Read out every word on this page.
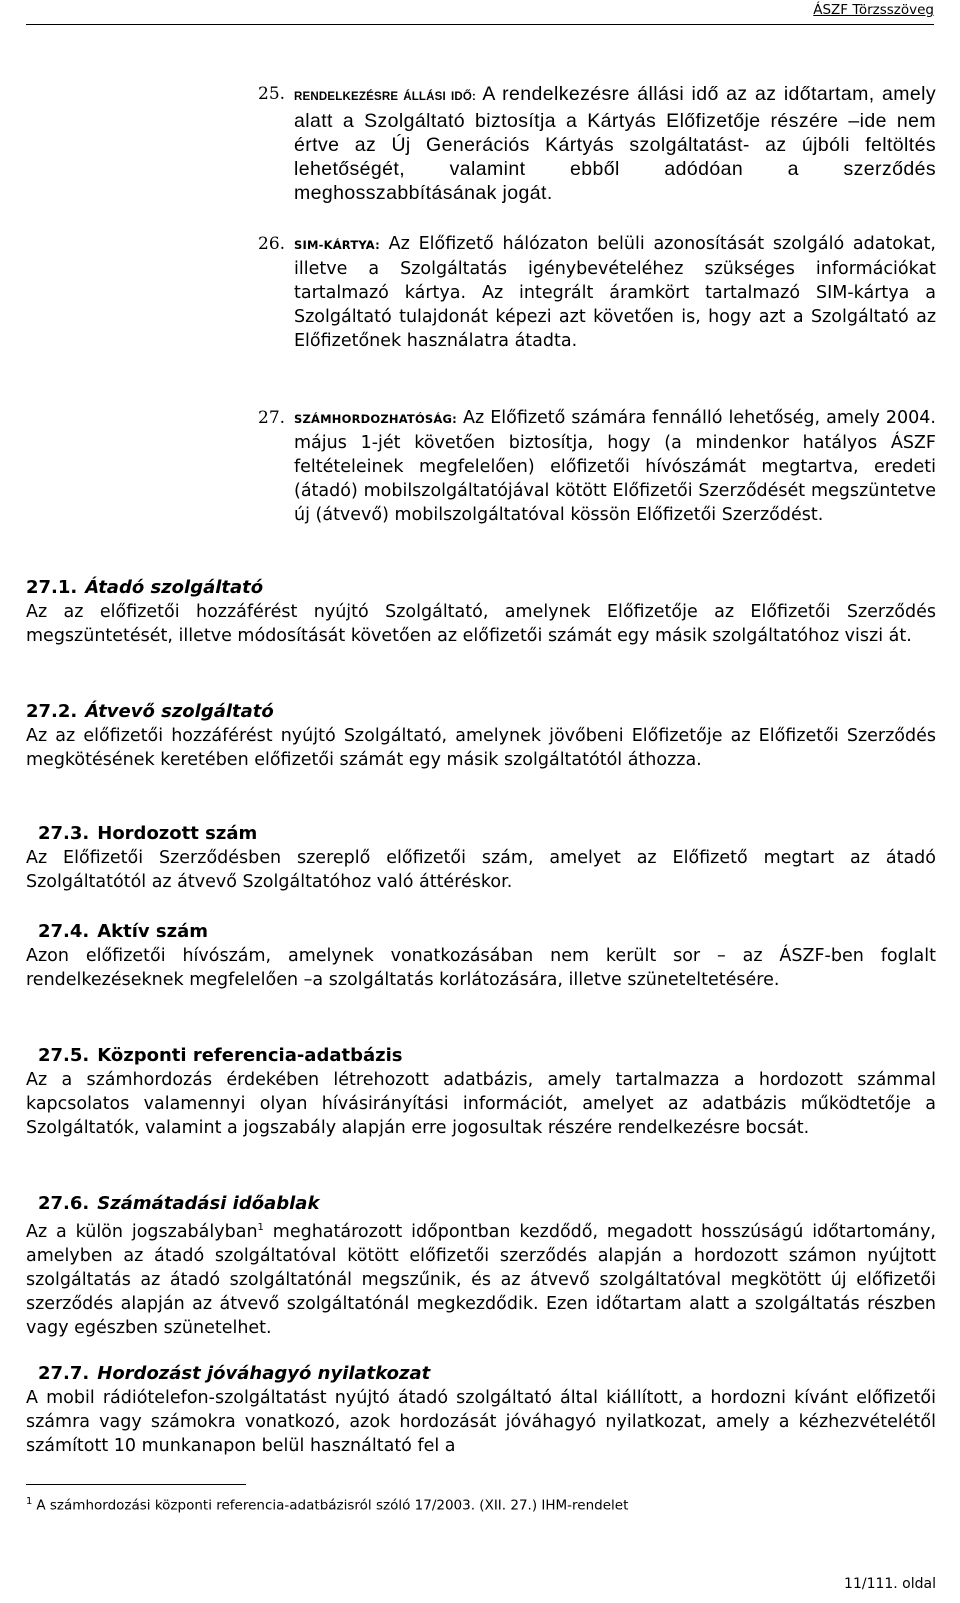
ÁSZF Törzsszöveg
25. RENDELKEZÉSRE ÁLLÁSI IDŐ: A rendelkezésre állási idő az az időtartam, amely alatt a Szolgáltató biztosítja a Kártyás Előfizetője részére –ide nem értve az Új Generációs Kártyás szolgáltatást- az újbóli feltöltés lehetőségét, valamint ebből adódóan a szerződés meghosszabbításának jogát.
26. SIM-KÁRTYA: Az Előfizető hálózaton belüli azonosítását szolgáló adatokat, illetve a Szolgáltatás igénybevételéhez szükséges információkat tartalmazó kártya. Az integrált áramkört tartalmazó SIM-kártya a Szolgáltató tulajdonát képezi azt követően is, hogy azt a Szolgáltató az Előfizetőnek használatra átadta.
27. SZÁMHORDOZHATÓSÁG: Az Előfizető számára fennálló lehetőség, amely 2004. május 1-jét követően biztosítja, hogy (a mindenkor hatályos ÁSZF feltételeinek megfelelően) előfizetői hívószámát megtartva, eredeti (átadó) mobilszolgáltatójával kötött Előfizetői Szerződését megszüntetve új (átvevő) mobilszolgáltatóval kössön Előfizetői Szerződést.
27.1. Átadó szolgáltató
Az az előfizetői hozzáférést nyújtó Szolgáltató, amelynek Előfizetője az Előfizetői Szerződés megszüntetését, illetve módosítását követően az előfizetői számát egy másik szolgáltatóhoz viszi át.
27.2. Átvevő szolgáltató
Az az előfizetői hozzáférést nyújtó Szolgáltató, amelynek jövőbeni Előfizetője az Előfizetői Szerződés megkötésének keretében előfizetői számát egy másik szolgáltatótól áthozza.
27.3. Hordozott szám
Az Előfizetői Szerződésben szereplő előfizetői szám, amelyet az Előfizető megtart az átadó Szolgáltatótól az átvevő Szolgáltatóhoz való áttéréskor.
27.4. Aktív szám
Azon előfizetői hívószám, amelynek vonatkozásában nem került sor – az ÁSZF-ben foglalt rendelkezéseknek megfelelően –a szolgáltatás korlátozására, illetve szüneteltetésére.
27.5. Központi referencia-adatbázis
Az a számhordozás érdekében létrehozott adatbázis, amely tartalmazza a hordozott számmal kapcsolatos valamennyi olyan hívásirányítási információt, amelyet az adatbázis működtetője a Szolgáltatók, valamint a jogszabály alapján erre jogosultak részére rendelkezésre bocsát.
27.6. Számátadási időablak
Az a külön jogszabályban$^1$ meghatározott időpontban kezdődő, megadott hosszúságú időtartomány, amelyben az átadó szolgáltatóval kötött előfizetői szerződés alapján a hordozott számon nyújtott szolgáltatás az átadó szolgáltatónál megszűnik, és az átvevő szolgáltatóval megkötött új előfizetői szerződés alapján az átvevő szolgáltatónál megkezdődik. Ezen időtartam alatt a szolgáltatás részben vagy egészben szünetelhet.
27.7. Hordozást jóváhagyó nyilatkozat
A mobil rádiótelefon-szolgáltatást nyújtó átadó szolgáltató által kiállított, a hordozni kívánt előfizetői számra vagy számokra vonatkozó, azok hordozását jóváhagyó nyilatkozat, amely a kézhezvételétől számított 10 munkanapon belül használtató fel a
$^1$ A számhordozási központi referencia-adatbázisról szóló 17/2003. (XII. 27.) IHM-rendelet
11/111. oldal
